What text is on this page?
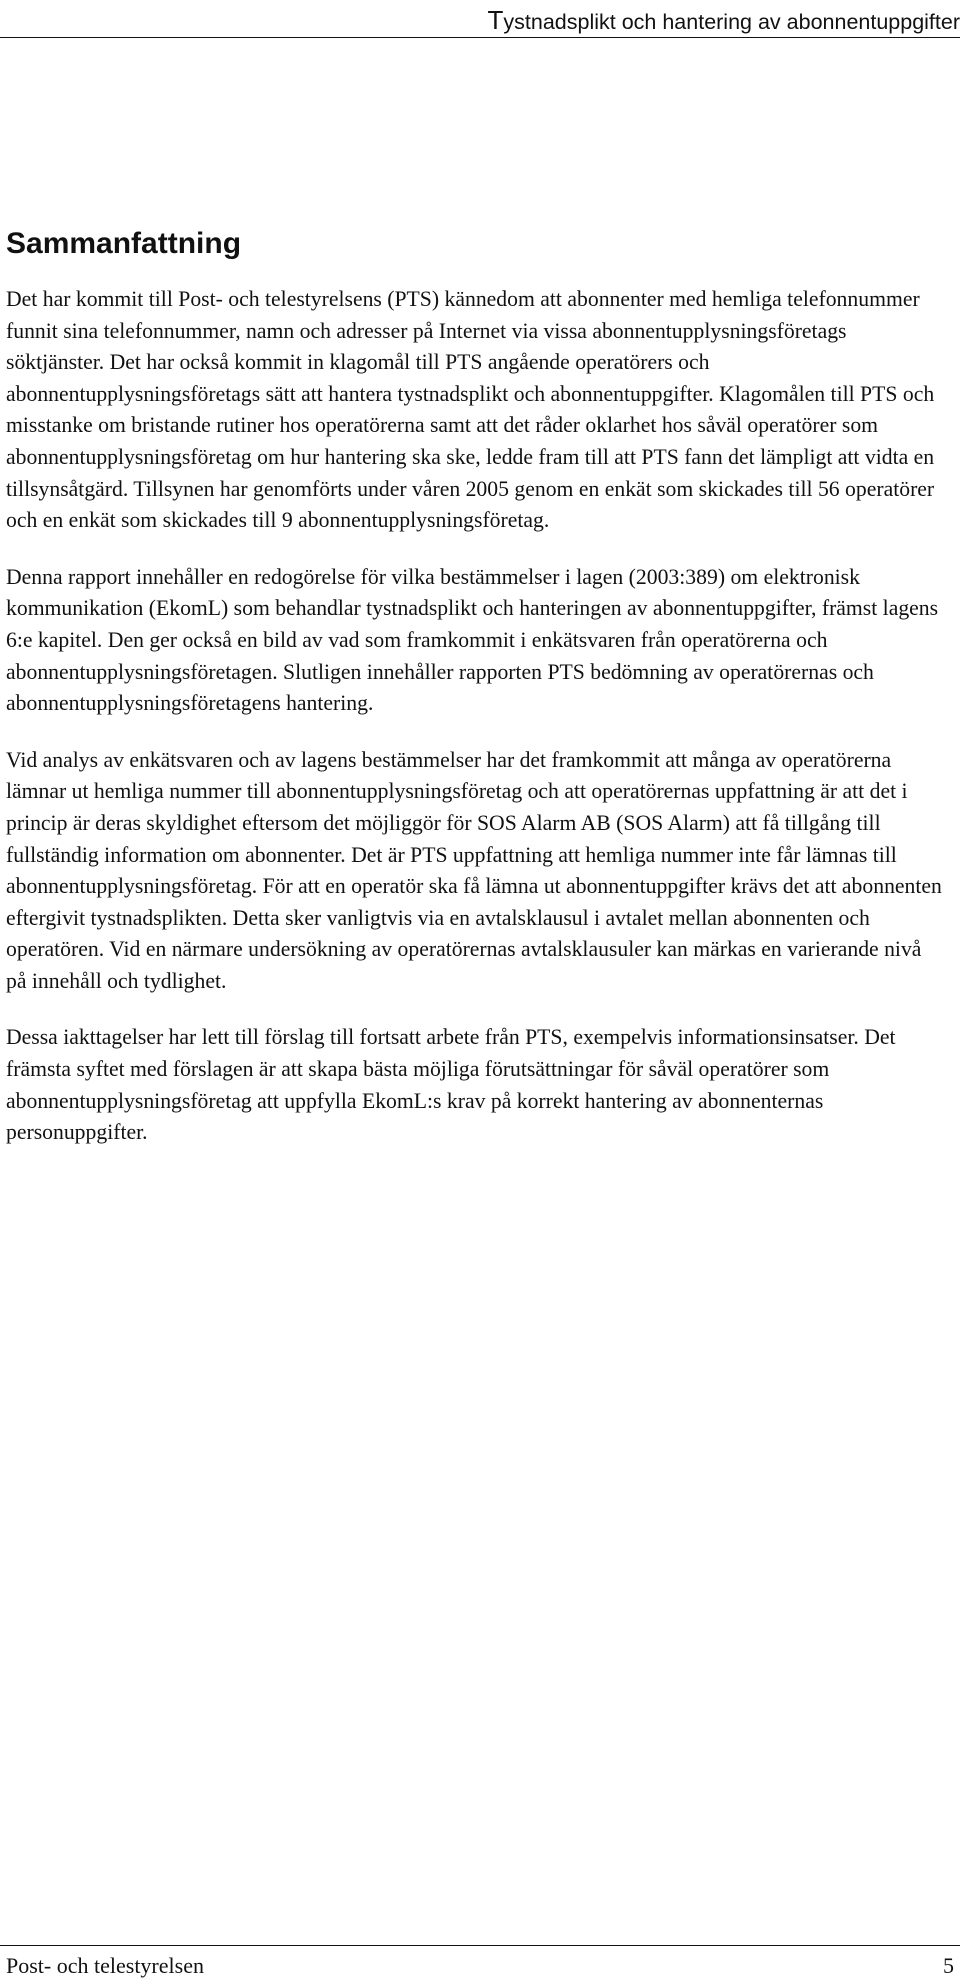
Tystnadsplikt och hantering av abonnentuppgifter
Sammanfattning

Det har kommit till Post- och telestyrelsens (PTS) kännedom att abonnenter med hemliga telefonnummer funnit sina telefonnummer, namn och adresser på Internet via vissa abonnentupplysningsföretags söktjänster. Det har också kommit in klagomål till PTS angående operatörers och abonnentupplysningsföretags sätt att hantera tystnadsplikt och abonnentuppgifter. Klagomålen till PTS och misstanke om bristande rutiner hos operatörerna samt att det råder oklarhet hos såväl operatörer som abonnentupplysningsföretag om hur hantering ska ske, ledde fram till att PTS fann det lämpligt att vidta en tillsynsåtgärd. Tillsynen har genomförts under våren 2005 genom en enkät som skickades till 56 operatörer och en enkät som skickades till 9 abonnentupplysningsföretag.

Denna rapport innehåller en redogörelse för vilka bestämmelser i lagen (2003:389) om elektronisk kommunikation (EkomL) som behandlar tystnadsplikt och hanteringen av abonnentuppgifter, främst lagens 6:e kapitel. Den ger också en bild av vad som framkommit i enkätsvaren från operatörerna och abonnentupplysningsföretagen. Slutligen innehåller rapporten PTS bedömning av operatörernas och abonnentupplysningsföretagens hantering.

Vid analys av enkätsvaren och av lagens bestämmelser har det framkommit att många av operatörerna lämnar ut hemliga nummer till abonnentupplysningsföretag och att operatörernas uppfattning är att det i princip är deras skyldighet eftersom det möjliggör för SOS Alarm AB (SOS Alarm) att få tillgång till fullständig information om abonnenter. Det är PTS uppfattning att hemliga nummer inte får lämnas till abonnentupplysningsföretag. För att en operatör ska få lämna ut abonnentuppgifter krävs det att abonnenten eftergivit tystnadsplikten. Detta sker vanligtvis via en avtalsklausul i avtalet mellan abonnenten och operatören. Vid en närmare undersökning av operatörernas avtalsklausuler kan märkas en varierande nivå på innehåll och tydlighet.

Dessa iakttagelser har lett till förslag till fortsatt arbete från PTS, exempelvis informationsinsatser. Det främsta syftet med förslagen är att skapa bästa möjliga förutsättningar för såväl operatörer som abonnentupplysningsföretag att uppfylla EkomL:s krav på korrekt hantering av abonnenternas personuppgifter.

Post- och telestyrelsen	5
